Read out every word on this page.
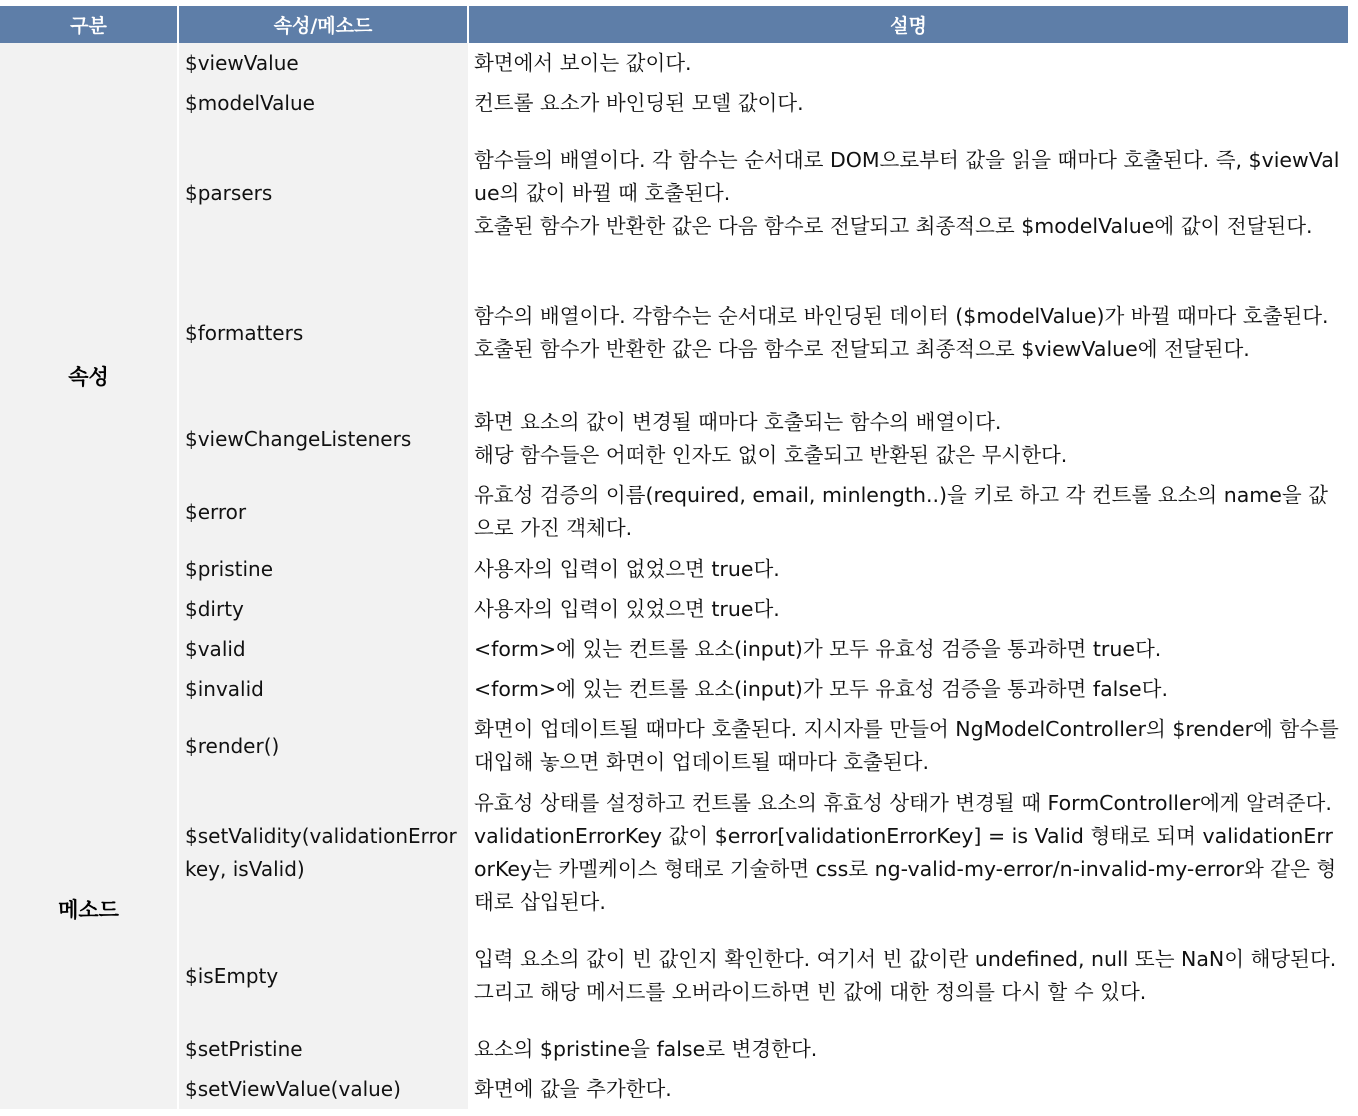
구분	속성/메소드	설명
속성	$viewValue	화면에서 보이는 값이다.

	$modelValue	컨트롤 요소가 바인딩된 모델 값이다.

	$parsers	함수들의 배열이다. 각 함수는 순서대로 DOM으로부터 값을 읽을 때마다 호출된다. 즉, $viewValue의 값이 바뀔 때 호출된다.
호출된 함수가 반환한 값은 다음 함수로 전달되고 최종적으로 $modelValue에 값이 전달된다.

	$formatters	함수의 배열이다. 각함수는 순서대로 바인딩된 데이터 ($modelValue)가 바뀔 때마다 호출된다.
호출된 함수가 반환한 값은 다음 함수로 전달되고 최종적으로 $viewValue에 전달된다.

	$viewChangeListeners	화면 요소의 값이 변경될 때마다 호출되는 함수의 배열이다.
해당 함수들은 어떠한 인자도 없이 호출되고 반환된 값은 무시한다.

	$error	유효성 검증의 이름(required, email, minlength..)을 키로 하고 각 컨트롤 요소의 name을 값으로 가진 객체다.

	$pristine	사용자의 입력이 없었으면 true다.

	$dirty	사용자의 입력이 있었으면 true다.

	$valid	<form>에 있는 컨트롤 요소(input)가 모두 유효성 검증을 통과하면 true다.

	$invalid	<form>에 있는 컨트롤 요소(input)가 모두 유효성 검증을 통과하면 false다.

메소드	$render()	화면이 업데이트될 때마다 호출된다. 지시자를 만들어 NgModelController의 $render에 함수를 대입해 놓으면 화면이 업데이트될 때마다 호출된다.

	$setValidity(validationErrorkey, isValid)	유효성 상태를 설정하고 컨트롤 요소의 휴효성 상태가 변경될 때 FormController에게 알려준다. validationErrorKey 값이 $error[validationErrorKey] = is Valid 형태로 되며 validationErrorKey는 카멜케이스 형태로 기술하면 css로 ng-valid-my-error/n-invalid-my-error와 같은 형태로 삽입된다.

	$isEmpty	입력 요소의 값이 빈 값인지 확인한다. 여기서 빈 값이란 undefined, null 또는 NaN이 해당된다. 그리고 해당 메서드를 오버라이드하면 빈 값에 대한 정의를 다시 할 수 있다.

	$setPristine	요소의 $pristine을 false로 변경한다.

	$setViewValue(value)	화면에 값을 추가한다.
